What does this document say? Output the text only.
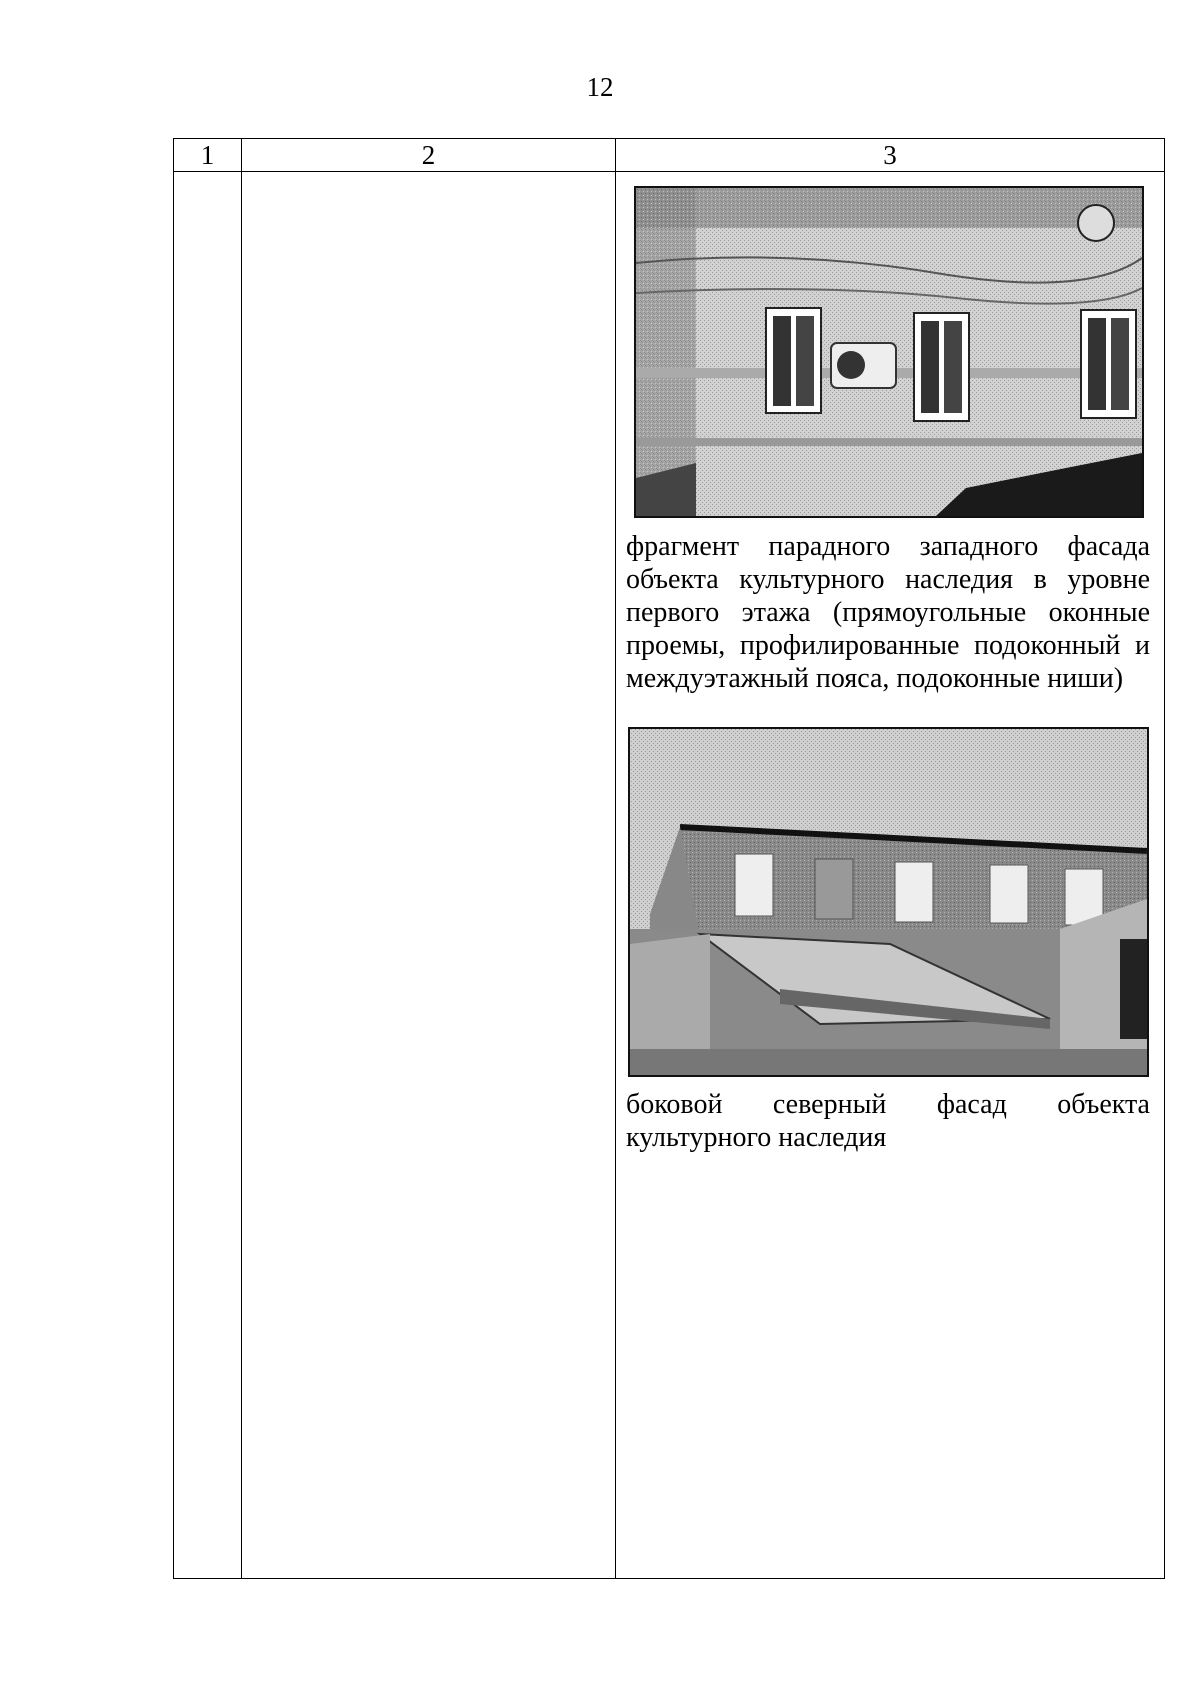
12
1	2	3

фрагмент парадного западного фасада объекта культурного наследия в уровне первого этажа (прямоугольные оконные проемы, профилированные подоконный и междуэтажный пояса, подоконные ниши)
боковой северный фасад объекта
культурного наследия
